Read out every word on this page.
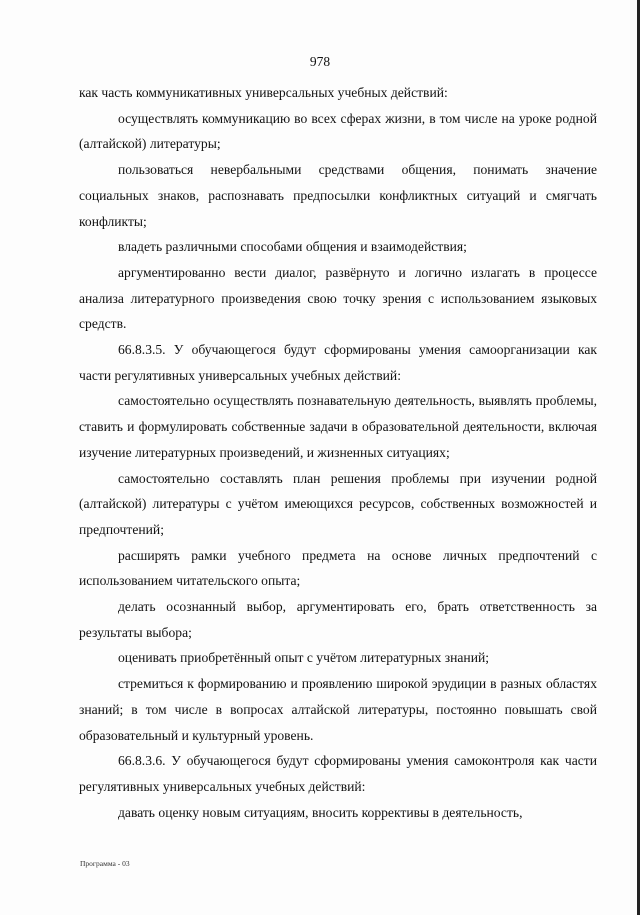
978

как часть коммуникативных универсальных учебных действий:

осуществлять коммуникацию во всех сферах жизни, в том числе на уроке родной (алтайской) литературы;

пользоваться невербальными средствами общения, понимать значение социальных знаков, распознавать предпосылки конфликтных ситуаций и смягчать конфликты;

владеть различными способами общения и взаимодействия;

аргументированно вести диалог, развёрнуто и логично излагать в процессе анализа литературного произведения свою точку зрения с использованием языковых средств.

66.8.3.5. У обучающегося будут сформированы умения самоорганизации как части регулятивных универсальных учебных действий:

самостоятельно осуществлять познавательную деятельность, выявлять проблемы, ставить и формулировать собственные задачи в образовательной деятельности, включая изучение литературных произведений, и жизненных ситуациях;

самостоятельно составлять план решения проблемы при изучении родной (алтайской) литературы с учётом имеющихся ресурсов, собственных возможностей и предпочтений;

расширять рамки учебного предмета на основе личных предпочтений с использованием читательского опыта;

делать осознанный выбор, аргументировать его, брать ответственность за результаты выбора;

оценивать приобретённый опыт с учётом литературных знаний;

стремиться к формированию и проявлению широкой эрудиции в разных областях знаний; в том числе в вопросах алтайской литературы, постоянно повышать свой образовательный и культурный уровень.

66.8.3.6. У обучающегося будут сформированы умения самоконтроля как части регулятивных универсальных учебных действий:

давать оценку новым ситуациям, вносить коррективы в деятельность,

Программа - 03
